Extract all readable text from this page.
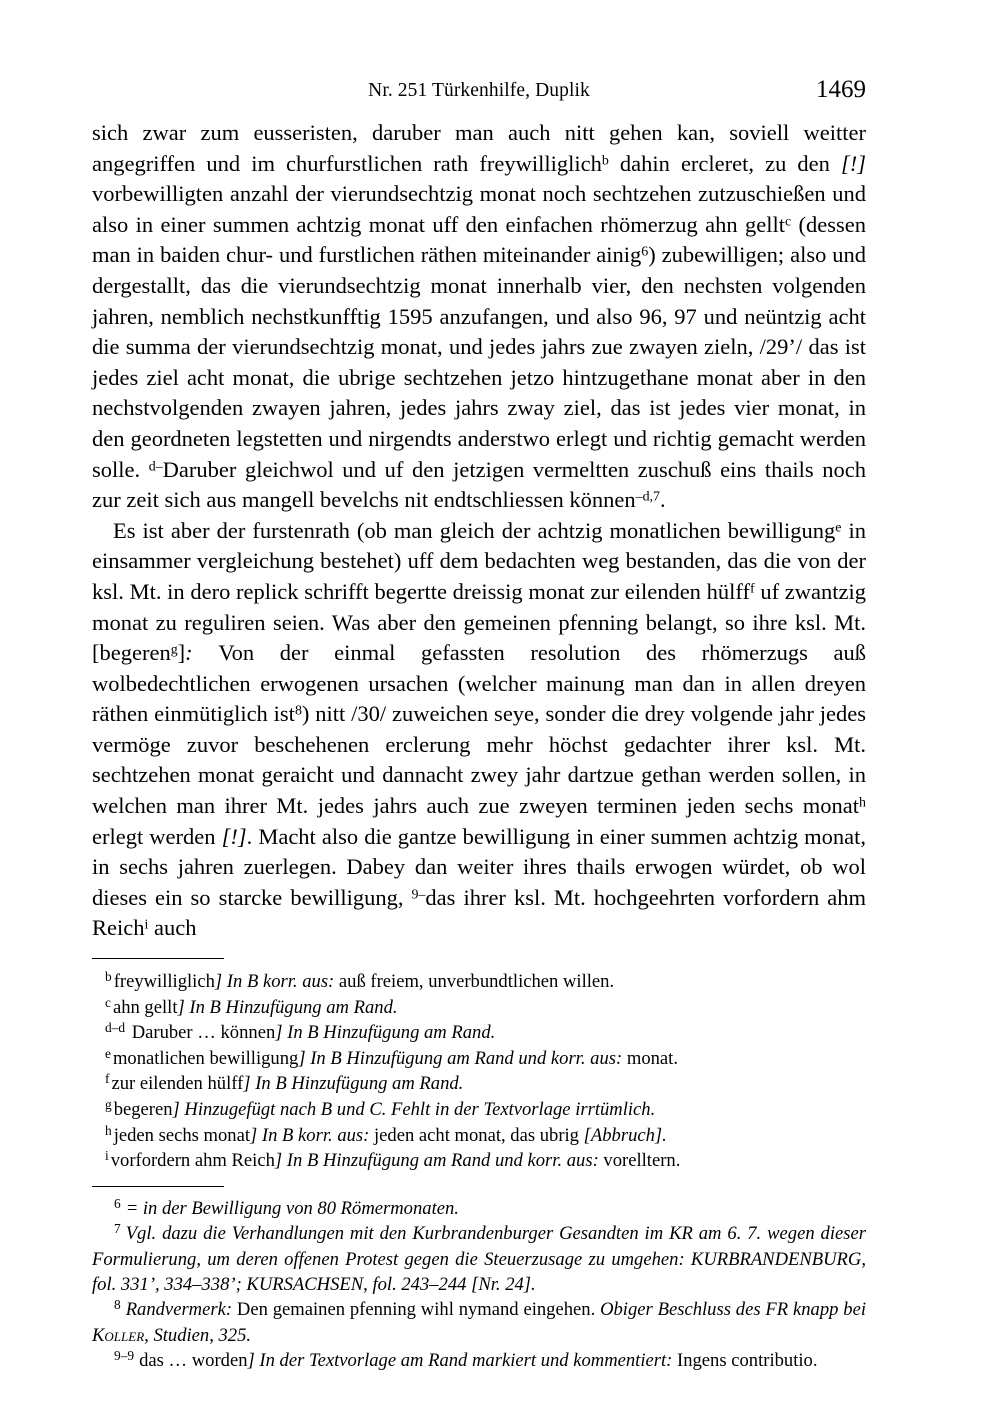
Nr. 251 Türkenhilfe, Duplik	1469

sich zwar zum eusseristen, daruber man auch nitt gehen kan, soviell weitter angegriffen und im churfurstlichen rath freywilliglich$^b$ dahin ercleret, zu den [!] vorbewilligten anzahl der vierundsechtzig monat noch sechtzehen zutzuschießen und also in einer summen achtzig monat uff den einfachen rhömerzug ahn gellt$^c$ (dessen man in baiden chur- und furstlichen räthen miteinander ainig$^6$) zubewilligen; also und dergestallt, das die vierundsechtzig monat innerhalb vier, den nechsten volgenden jahren, nemblich nechstkunfftig 1595 anzufangen, und also 96, 97 und neüntzig acht die summa der vierundsechtzig monat, und jedes jahrs zue zwayen zieln, /29’/ das ist jedes ziel acht monat, die ubrige sechtzehen jetzo hintzugethane monat aber in den nechstvolgenden zwayen jahren, jedes jahrs zway ziel, das ist jedes vier monat, in den geordneten legstetten und nirgendts anderstwo erlegt und richtig gemacht werden solle. $^{d-}$Daruber gleichwol und uf den jetzigen vermeltten zuschuß eins thails noch zur zeit sich aus mangell bevelchs nit endtschliessen können$^{-d,7}$.

Es ist aber der furstenrath (ob man gleich der achtzig monatlichen bewilligung$^e$ in einsammer vergleichung bestehet) uff dem bedachten weg bestanden, das die von der ksl. Mt. in dero replick schrifft begertte dreissig monat zur eilenden hülff$^f$ uf zwantzig monat zu reguliren seien. Was aber den gemeinen pfenning belangt, so ihre ksl. Mt. [begeren$^g$]: Von der einmal gefassten resolution des rhömerzugs auß wolbedechtlichen erwogenen ursachen (welcher mainung man dan in allen dreyen räthen einmütiglich ist$^8$) nitt /30/ zuweichen seye, sonder die drey volgende jahr jedes vermöge zuvor beschehenen erclerung mehr höchst gedachter ihrer ksl. Mt. sechtzehen monat geraicht und dannacht zwey jahr dartzue gethan werden sollen, in welchen man ihrer Mt. jedes jahrs auch zue zweyen terminen jeden sechs monat$^h$ erlegt werden [!]. Macht also die gantze bewilligung in einer summen achtzig monat, in sechs jahren zuerlegen. Dabey dan weiter ihres thails erwogen würdet, ob wol dieses ein so starcke bewilligung, $^{9-}$das ihrer ksl. Mt. hochgeehrten vorfordern ahm Reich$^i$ auch

$^b$ freywilliglich] In B korr. aus: auß freiem, unverbundtlichen willen.
$^c$ ahn gellt] In B Hinzufügung am Rand.
$^{d-d}$ Daruber … können] In B Hinzufügung am Rand.
$^e$ monatlichen bewilligung] In B Hinzufügung am Rand und korr. aus: monat.
$^f$ zur eilenden hülff] In B Hinzufügung am Rand.
$^g$ begeren] Hinzugefügt nach B und C. Fehlt in der Textvorlage irrtümlich.
$^h$ jeden sechs monat] In B korr. aus: jeden acht monat, das ubrig [Abbruch].
$^i$ vorfordern ahm Reich] In B Hinzufügung am Rand und korr. aus: vorelltern.
$^6$ = in der Bewilligung von 80 Römermonaten.
$^7$ Vgl. dazu die Verhandlungen mit den Kurbrandenburger Gesandten im KR am 6. 7. wegen dieser Formulierung, um deren offenen Protest gegen die Steuerzusage zu umgehen: KURBRANDENBURG, fol. 331’, 334–338’; KURSACHSEN, fol. 243–244 [Nr. 24].
$^8$ Randvermerk: Den gemainen pfenning wihl nymand eingehen. Obiger Beschluss des FR knapp bei Koller, Studien, 325.
$^{9-9}$ das … worden] In der Textvorlage am Rand markiert und kommentiert: Ingens contributio.
